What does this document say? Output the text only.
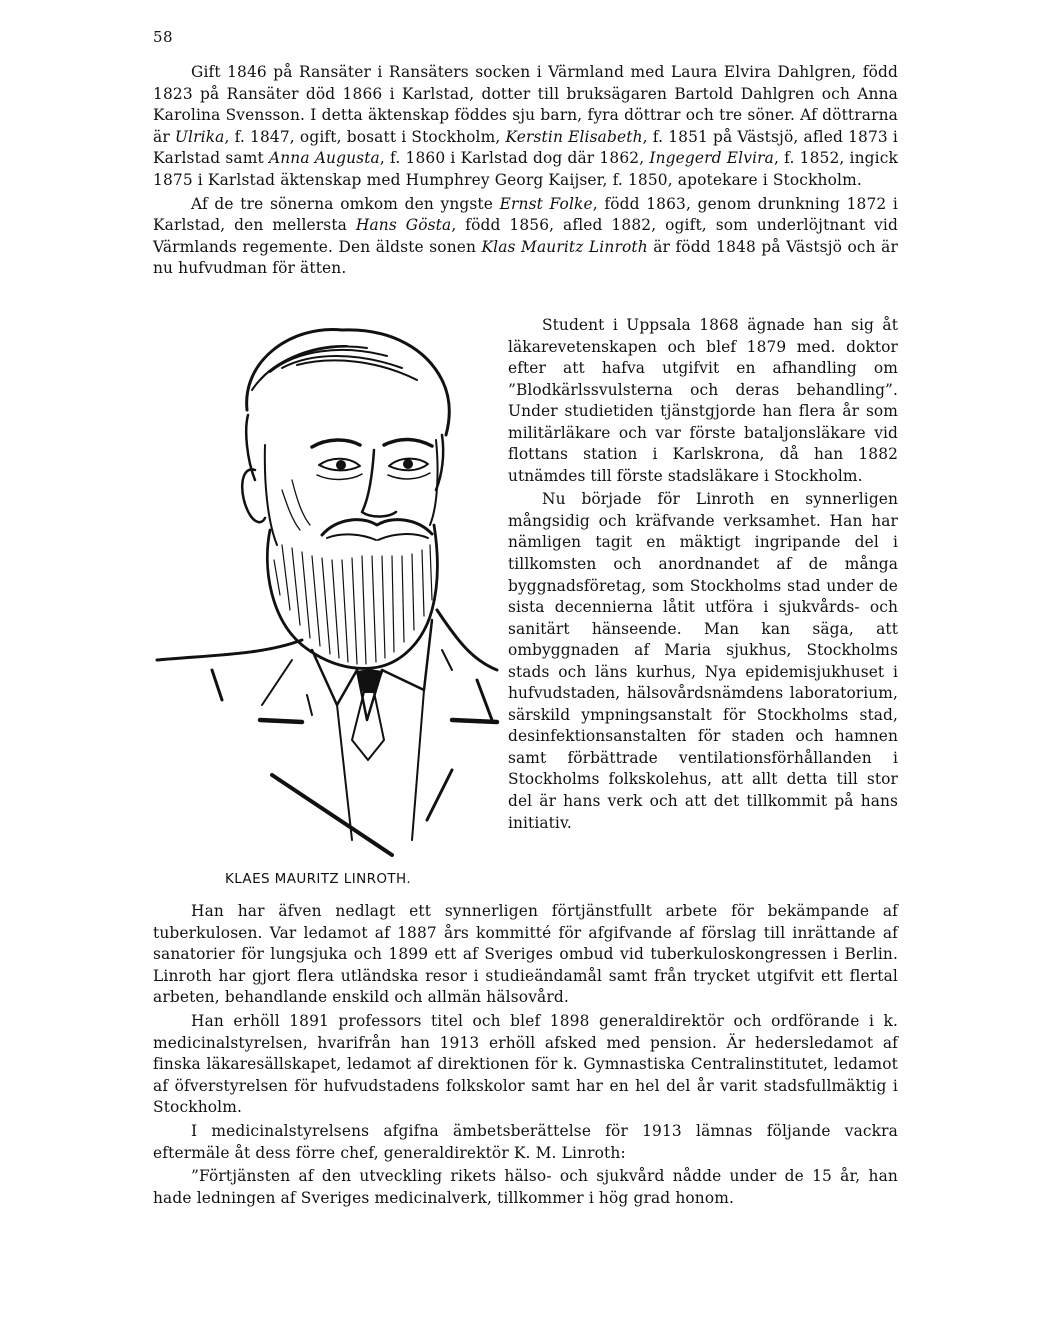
58

Gift 1846 på Ransäter i Ransäters socken i Värmland med Laura Elvira Dahlgren, född 1823 på Ransäter död 1866 i Karlstad, dotter till bruksägaren Bartold Dahlgren och Anna Karolina Svensson. I detta äktenskap föddes sju barn, fyra döttrar och tre söner. Af döttrarna är Ulrika, f. 1847, ogift, bosatt i Stockholm, Kerstin Elisabeth, f. 1851 på Västsjö, afled 1873 i Karlstad samt Anna Augusta, f. 1860 i Karlstad dog där 1862, Ingegerd Elvira, f. 1852, ingick 1875 i Karlstad äktenskap med Humphrey Georg Kaijser, f. 1850, apotekare i Stockholm.

Af de tre sönerna omkom den yngste Ernst Folke, född 1863, genom drunkning 1872 i Karlstad, den mellersta Hans Gösta, född 1856, afled 1882, ogift, som underlöjtnant vid Värmlands regemente. Den äldste sonen Klas Mauritz Linroth är född 1848 på Västsjö och är nu hufvudman för ätten.

KLAES MAURITZ LINROTH.

Student i Uppsala 1868 ägnade han sig åt läkarevetenskapen och blef 1879 med. doktor efter att hafva utgifvit en afhandling om ”Blodkärlssvulsterna och deras behandling”. Under studietiden tjänstgjorde han flera år som militärläkare och var förste bataljonsläkare vid flottans station i Karlskrona, då han 1882 utnämdes till förste stadsläkare i Stockholm.

Nu började för Linroth en synnerligen mångsidig och kräfvande verksamhet. Han har nämligen tagit en mäktigt ingripande del i tillkomsten och anordnandet af de många byggnadsföretag, som Stockholms stad under de sista decennierna låtit utföra i sjukvårds- och sanitärt hänseende. Man kan säga, att ombyggnaden af Maria sjukhus, Stockholms stads och läns kurhus, Nya epidemisjukhuset i hufvudstaden, hälsovårdsnämdens laboratorium, särskild ympningsanstalt för Stockholms stad, desinfektionsanstalten för staden och hamnen samt förbättrade ventilationsförhållanden i Stockholms folkskolehus, att allt detta till stor del är hans verk och att det tillkommit på hans initiativ.

Han har äfven nedlagt ett synnerligen förtjänstfullt arbete för bekämpande af tuberkulosen. Var ledamot af 1887 års kommitté för afgifvande af förslag till inrättande af sanatorier för lungsjuka och 1899 ett af Sveriges ombud vid tuberkuloskongressen i Berlin. Linroth har gjort flera utländska resor i studieändamål samt från trycket utgifvit ett flertal arbeten, behandlande enskild och allmän hälsovård.

Han erhöll 1891 professors titel och blef 1898 generaldirektör och ordförande i k. medicinalstyrelsen, hvarifrån han 1913 erhöll afsked med pension. Är hedersledamot af finska läkaresällskapet, ledamot af direktionen för k. Gymnastiska Centralinstitutet, ledamot af öfverstyrelsen för hufvudstadens folkskolor samt har en hel del år varit stadsfullmäktig i Stockholm.

I medicinalstyrelsens afgifna ämbetsberättelse för 1913 lämnas följande vackra eftermäle åt dess förre chef, generaldirektör K. M. Linroth:

”Förtjänsten af den utveckling rikets hälso- och sjukvård nådde under de 15 år, han hade ledningen af Sveriges medicinalverk, tillkommer i hög grad honom.
